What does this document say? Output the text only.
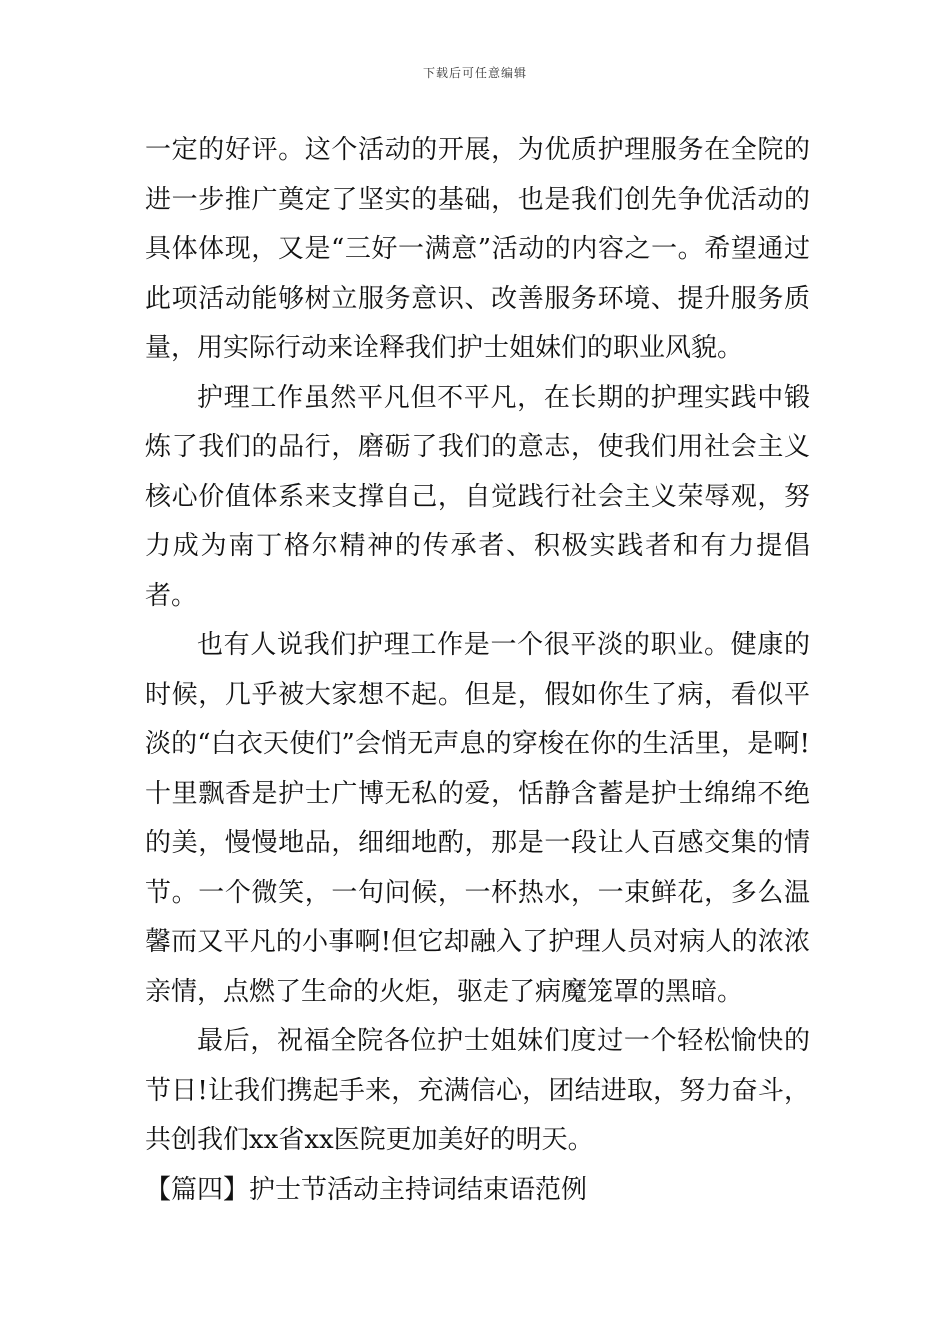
下载后可任意编辑

一定的好评。这个活动的开展，为优质护理服务在全院的进一步推广奠定了坚实的基础，也是我们创先争优活动的具体体现，又是“三好一满意”活动的内容之一。希望通过此项活动能够树立服务意识、改善服务环境、提升服务质量，用实际行动来诠释我们护士姐妹们的职业风貌。

护理工作虽然平凡但不平凡，在长期的护理实践中锻炼了我们的品行，磨砺了我们的意志，使我们用社会主义核心价值体系来支撑自己，自觉践行社会主义荣辱观，努力成为南丁格尔精神的传承者、积极实践者和有力提倡者。

也有人说我们护理工作是一个很平淡的职业。健康的时候，几乎被大家想不起。但是，假如你生了病，看似平淡的“白衣天使们”会悄无声息的穿梭在你的生活里，是啊!十里飘香是护士广博无私的爱，恬静含蓄是护士绵绵不绝的美，慢慢地品，细细地酌，那是一段让人百感交集的情节。一个微笑，一句问候，一杯热水，一束鲜花，多么温馨而又平凡的小事啊!但它却融入了护理人员对病人的浓浓亲情，点燃了生命的火炬，驱走了病魔笼罩的黑暗。

最后，祝福全院各位护士姐妹们度过一个轻松愉快的节日!让我们携起手来，充满信心，团结进取，努力奋斗，共创我们xx省xx医院更加美好的明天。

【篇四】护士节活动主持词结束语范例
